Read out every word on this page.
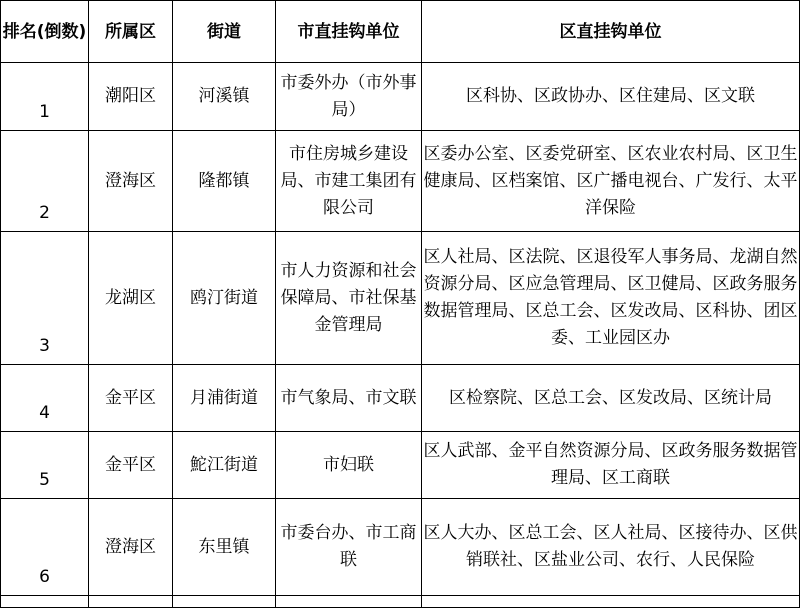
排名(倒数)	所属区	街道	市直挂钩单位	区直挂钩单位
1	潮阳区	河溪镇	市委外办（市外事局）	区科协、区政协办、区住建局、区文联
2	澄海区	隆都镇	市住房城乡建设局、市建工集团有限公司	区委办公室、区委党研室、区农业农村局、区卫生健康局、区档案馆、区广播电视台、广发行、太平洋保险
3	龙湖区	鸥汀街道	市人力资源和社会保障局、市社保基金管理局	区人社局、区法院、区退役军人事务局、龙湖自然资源分局、区应急管理局、区卫健局、区政务服务数据管理局、区总工会、区发改局、区科协、团区委、工业园区办
4	金平区	月浦街道	市气象局、市文联	区检察院、区总工会、区发改局、区统计局
5	金平区	鮀江街道	市妇联	区人武部、金平自然资源分局、区政务服务数据管理局、区工商联
6	澄海区	东里镇	市委台办、市工商联	区人大办、区总工会、区人社局、区接待办、区供销联社、区盐业公司、农行、人民保险
